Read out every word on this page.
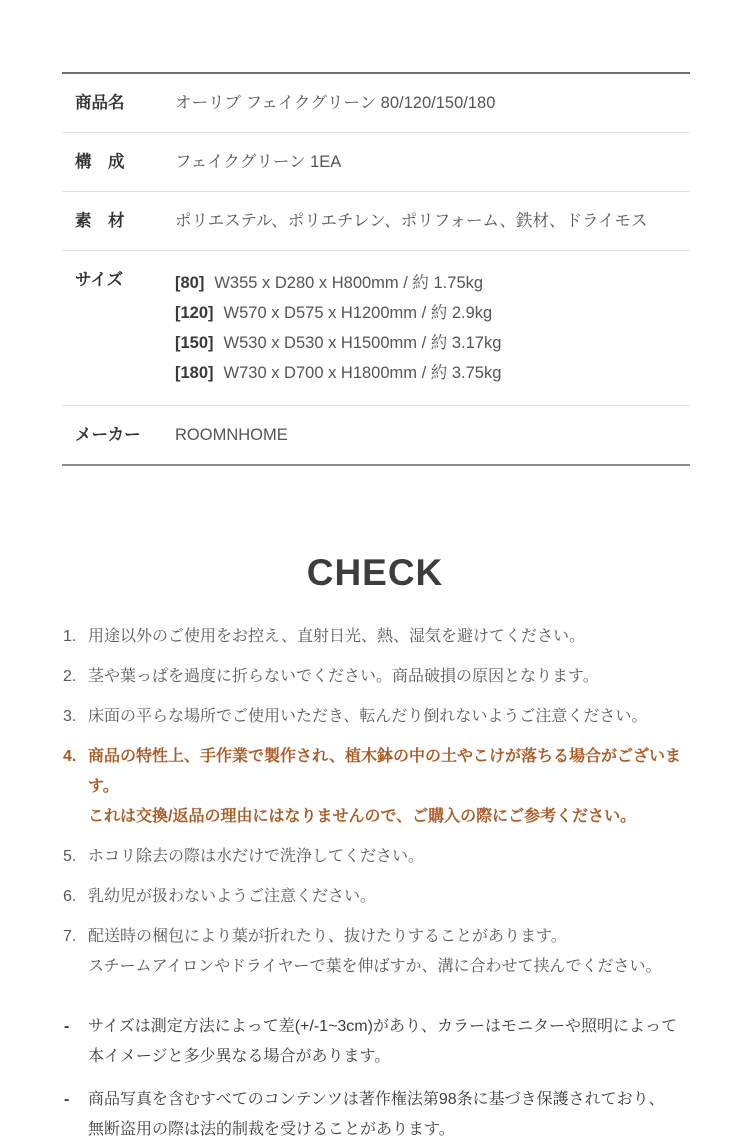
商品名	オーリブ フェイクグリーン 80/120/150/180
構　成	フェイクグリーン 1EA
素　材	ポリエステル、ポリエチレン、ポリフォーム、鉄材、ドライモス
サイズ	[80] W355 x D280 x H800mm / 約 1.75kg
[120] W570 x D575 x H1200mm / 約 2.9kg
[150] W530 x D530 x H1500mm / 約 3.17kg
[180] W730 x D700 x H1800mm / 約 3.75kg
メーカー	ROOMNHOME
CHECK
1. 用途以外のご使用をお控え、直射日光、熱、湿気を避けてください。
2. 茎や葉っぱを過度に折らないでください。商品破損の原因となります。
3. 床面の平らな場所でご使用いただき、転んだり倒れないようご注意ください。
4. 商品の特性上、手作業で製作され、植木鉢の中の土やこけが落ちる場合がございます。
これは交換/返品の理由にはなりませんので、ご購入の際にご参考ください。
5. ホコリ除去の際は水だけで洗浄してください。
6. 乳幼児が扱わないようご注意ください。
7. 配送時の梱包により葉が折れたり、抜けたりすることがあります。
スチームアイロンやドライヤーで葉を伸ばすか、溝に合わせて挟んでください。
-	サイズは測定方法によって差(+/-1~3cm)があり、カラーはモニターや照明によって
本イメージと多少異なる場合があります。
-	商品写真を含むすべてのコンテンツは著作権法第98条に基づき保護されており、
無断盗用の際は法的制裁を受けることがあります。
